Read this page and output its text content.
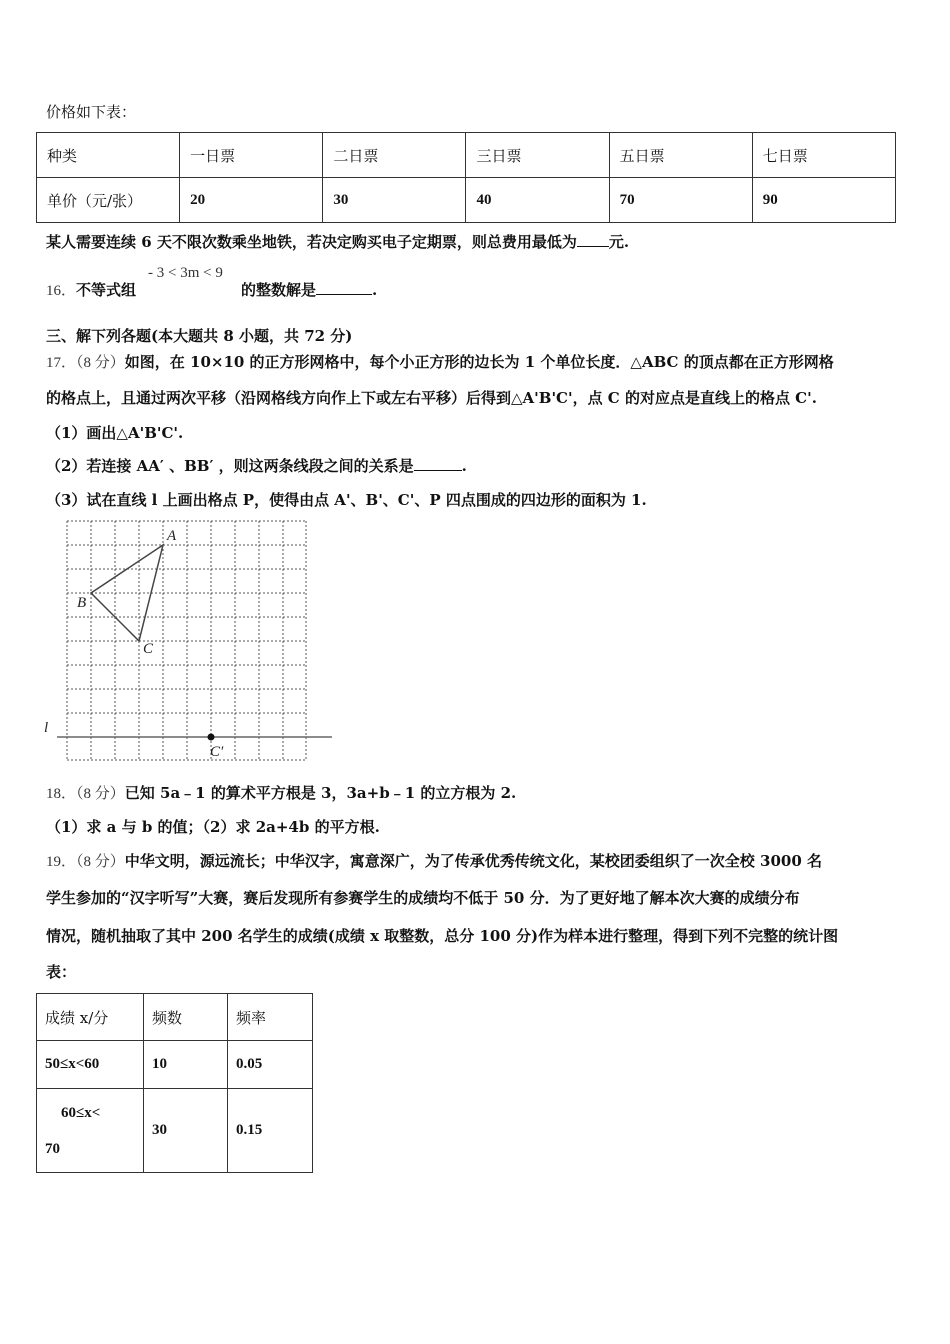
价格如下表：
种类	一日票	二日票	三日票	五日票	七日票
单价（元/张）	20	30	40	70	90
某人需要连续 6 天不限次数乘坐地铁，若决定购买电子定期票，则总费用最低为 元.
16．不等式组
- 3 < 3m < 9
的整数解是	.
三、解下列各题(本大题共 8 小题，共 72 分)
17．（8 分）如图，在 10×10 的正方形网格中，每个小正方形的边长为 1 个单位长度．△ABC 的顶点都在正方形网格
的格点上，且通过两次平移（沿网格线方向作上下或左右平移）后得到△A'B'C'，点 C 的对应点是直线上的格点 C'.
（1）画出△A'B'C'.
（2）若连接 AA′ 、BB′ ，则这两条线段之间的关系是	.
（3）试在直线 l 上画出格点 P，使得由点 A'、B'、C'、P 四点围成的四边形的面积为 1.
A
B
C
C′
l
18．（8 分）已知 5a﹣1 的算术平方根是 3，3a+b﹣1 的立方根为 2.
（1）求 a 与 b 的值；（2）求 2a+4b 的平方根.
19．（8 分）中华文明，源远流长；中华汉字，寓意深广，为了传承优秀传统文化，某校团委组织了一次全校 3000 名
学生参加的“汉字听写”大赛，赛后发现所有参赛学生的成绩均不低于 50 分．为了更好地了解本次大赛的成绩分布
情况，随机抽取了其中 200 名学生的成绩(成绩 x 取整数，总分 100 分)作为样本进行整理，得到下列不完整的统计图
表：
成绩 x/分	频数	频率
50≤x<60	10	0.05

60≤x<
70	30	0.15
